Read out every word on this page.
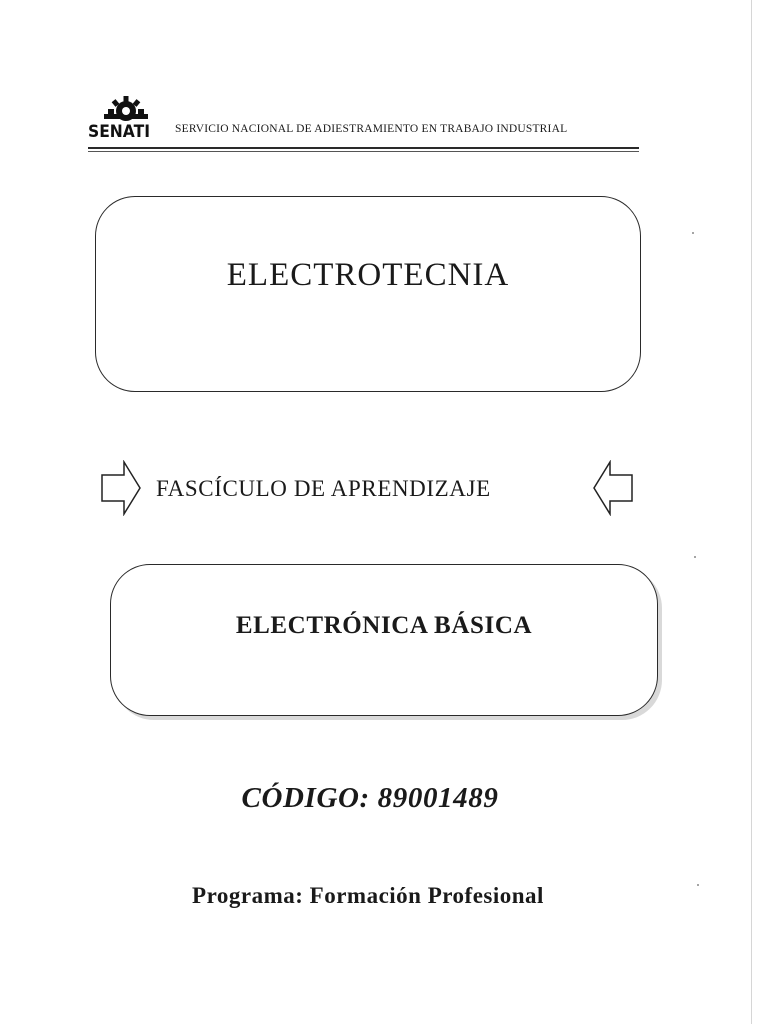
SENATI SERVICIO NACIONAL DE ADIESTRAMIENTO EN TRABAJO INDUSTRIAL
ELECTROTECNIA
FASCÍCULO DE APRENDIZAJE
ELECTRÓNICA BÁSICA
CÓDIGO: 89001489
Programa: Formación Profesional
